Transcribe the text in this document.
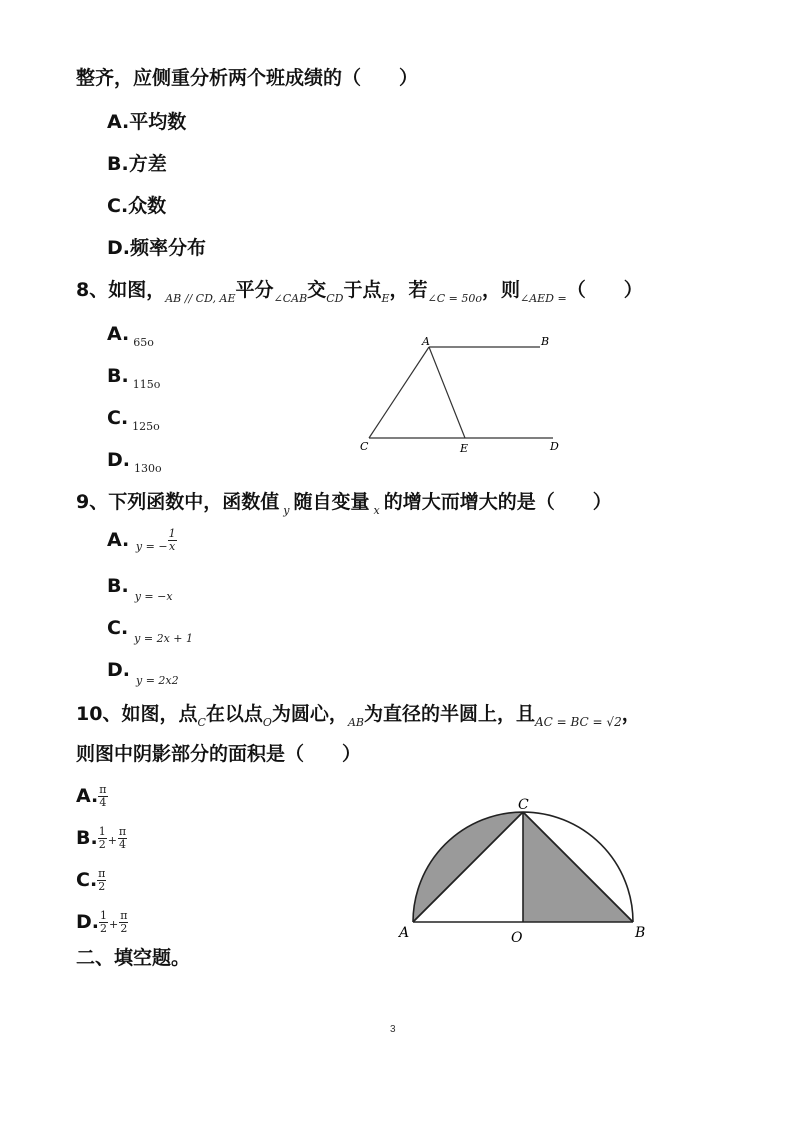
整齐，应侧重分析两个班成绩的（　　）
A.平均数
B.方差
C.众数
D.频率分布
8、如图，$_{AB // CD, AE}$平分$_{\angle CAB}$交$_{CD}$于点$_E$，若$_{\angle C = 50o}$，则$_{\angle AED =}$（　　）
A. $_{65o}$
B. $_{115o}$
C. $_{125o}$
D. $_{130o}$
A	B
C	E	D
9、下列函数中，函数值 $_y$ 随自变量 $_x$ 的增大而增大的是（　　）
A. $_{y = -} \frac{1}{x}$
B. $_{y = -x}$
C. $_{y = 2x + 1}$
D. $_{y = 2x2}$
10、如图，点$_C$在以点$_O$为圆心，$_{AB}$为直径的半圆上，且$_{AC = BC = √2}$，
则图中阴影部分的面积是（　　）
A. $\frac{\pi}{4}$
B. $\frac{1}{2} + \frac{\pi}{4}$
C. $\frac{\pi}{2}$
D. $\frac{1}{2} + \frac{\pi}{2}$
C
A	O	B
二、填空题。
3
